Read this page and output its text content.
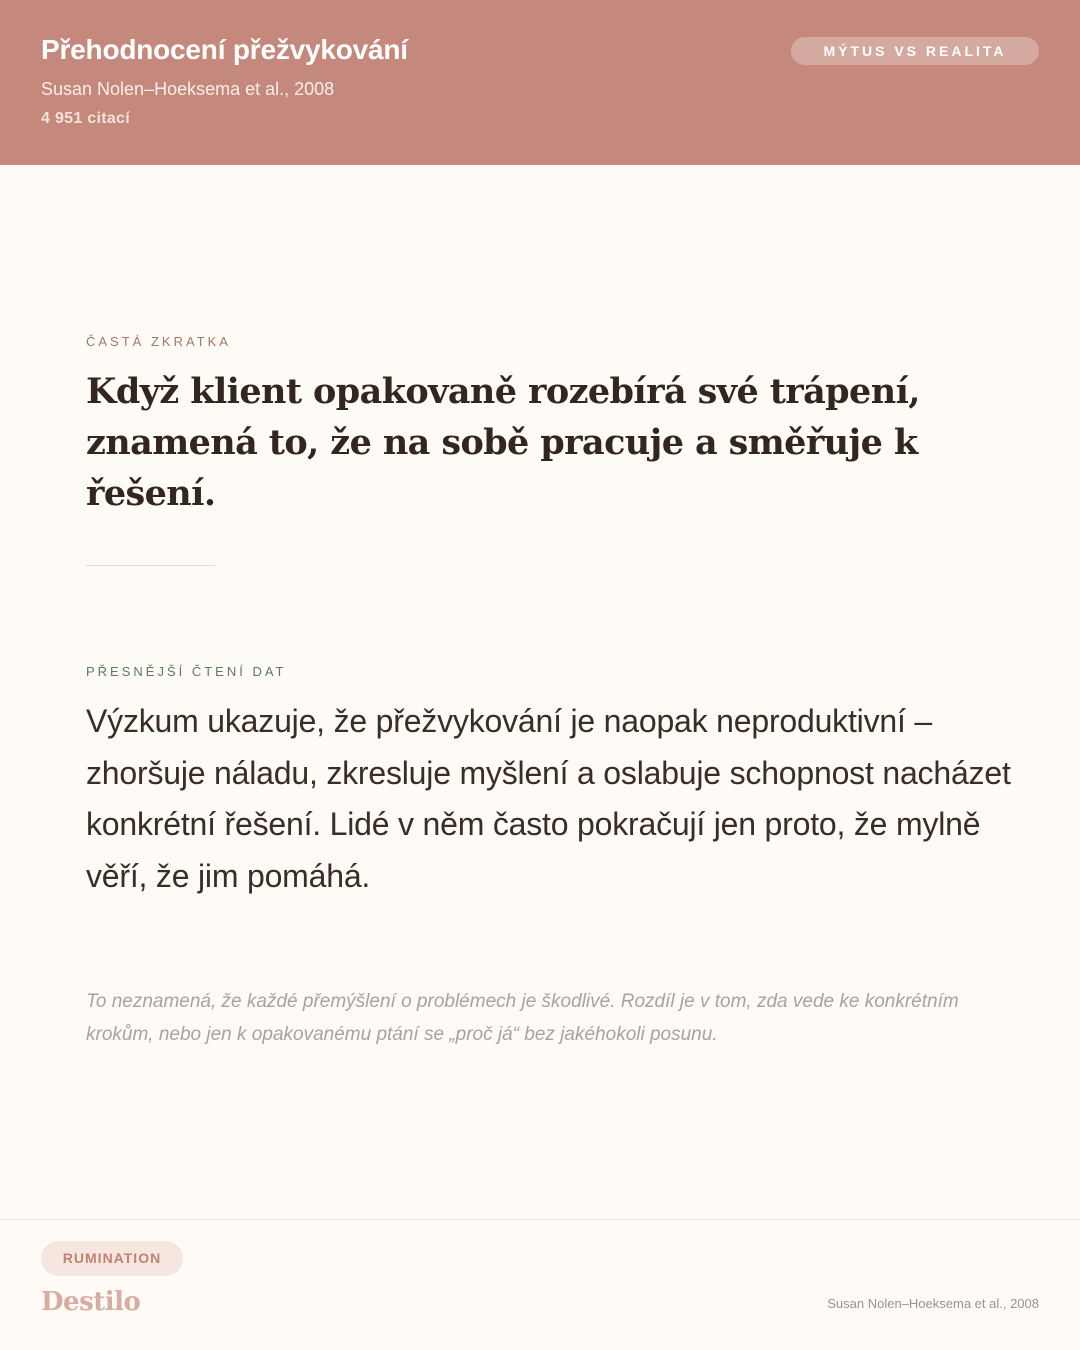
Přehodnocení přežvykování
Susan Nolen–Hoeksema et al., 2008
4 951 citací
MÝTUS VS REALITA
ČASTÁ ZKRATKA
Když klient opakovaně rozebírá své trápení, znamená to, že na sobě pracuje a směřuje k řešení.
PŘESNĚJŠÍ ČTENÍ DAT
Výzkum ukazuje, že přežvykování je naopak neproduktivní – zhoršuje náladu, zkresluje myšlení a oslabuje schopnost nacházet konkrétní řešení. Lidé v něm často pokračují jen proto, že mylně věří, že jim pomáhá.
To neznamená, že každé přemýšlení o problémech je škodlivé. Rozdíl je v tom, zda vede ke konkrétním krokům, nebo jen k opakovanému ptání se „proč já“ bez jakéhokoli posunu.
RUMINATION
Destilo	Susan Nolen–Hoeksema et al., 2008
